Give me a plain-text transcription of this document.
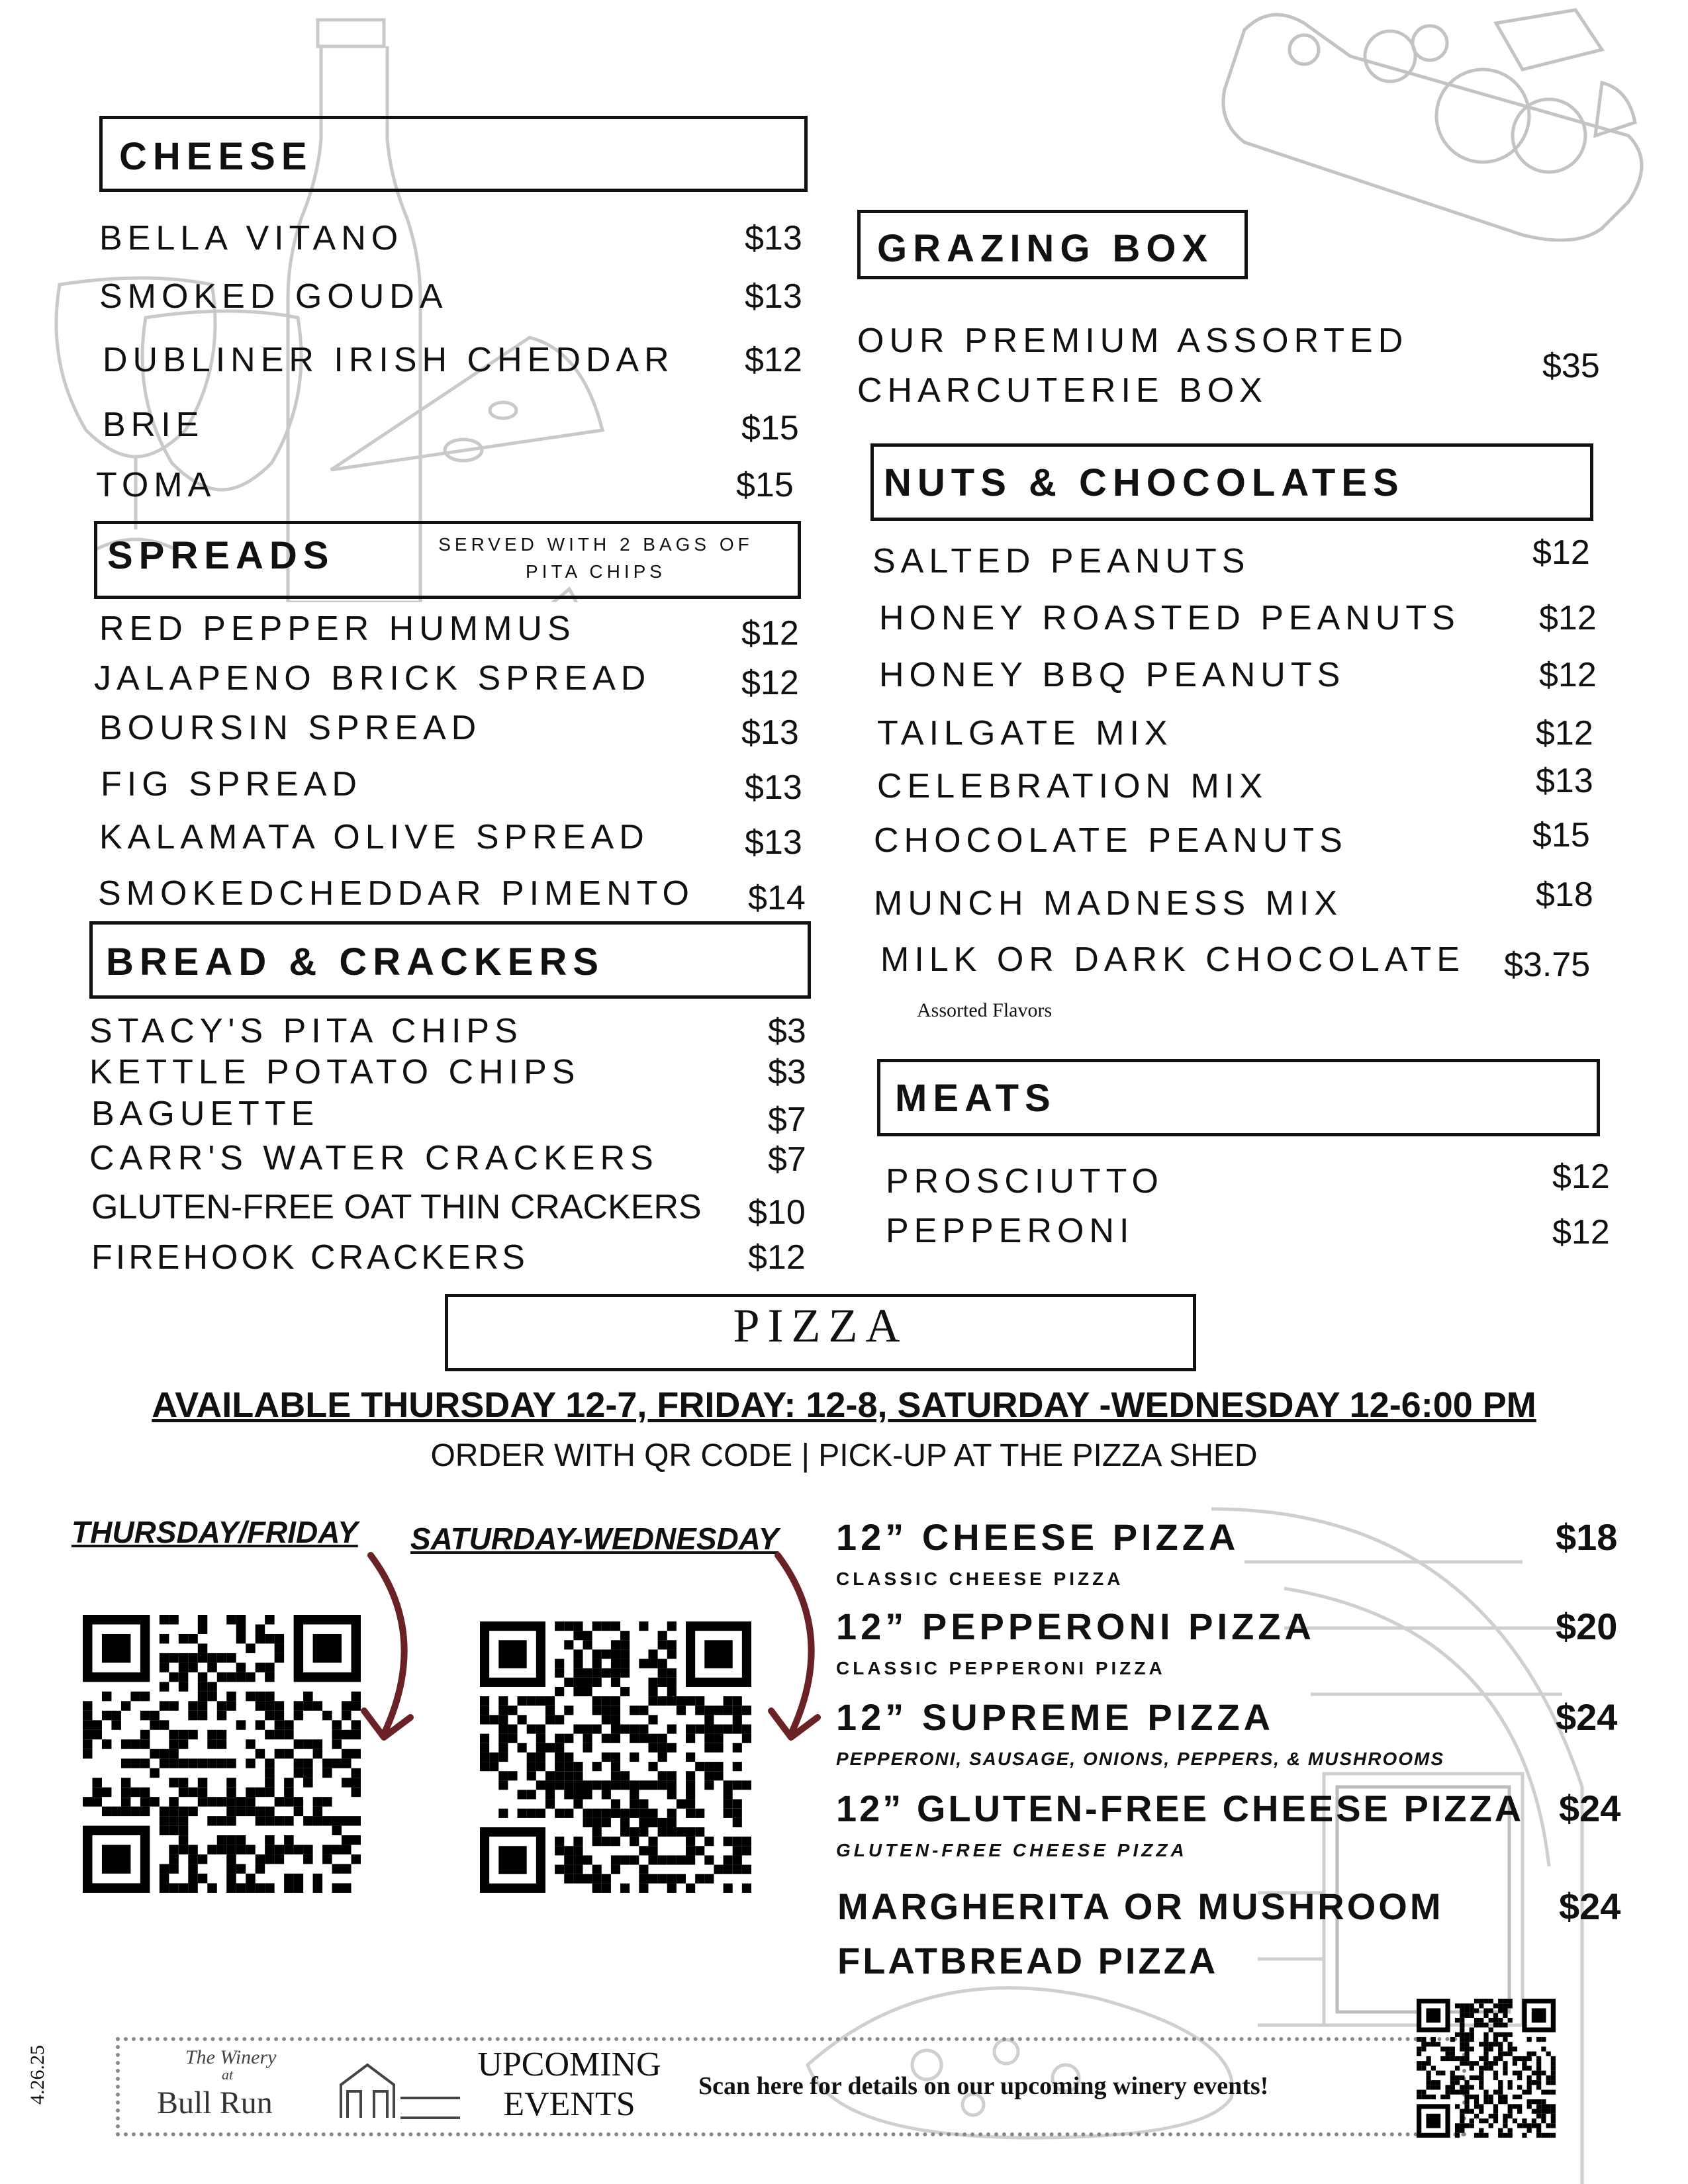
CHEESE
BELLA VITANO	$13
SMOKED GOUDA	$13
DUBLINER IRISH CHEDDAR $12
BRIE	$15
TOMA	$15
SPREADS	SERVED WITH 2 BAGS OF
PITA CHIPS
RED PEPPER HUMMUS	$12
JALAPENO BRICK SPREAD	$12
BOURSIN SPREAD	$13
FIG SPREAD	$13
KALAMATA OLIVE SPREAD	$13
SMOKEDCHEDDAR PIMENTO $14
BREAD & CRACKERS
STACY'S PITA CHIPS	$3
KETTLE POTATO CHIPS	$3
BAGUETTE	$7
CARR'S WATER CRACKERS	$7
GLUTEN-FREE OAT THIN CRACKERS $10
FIREHOOK CRACKERS	$12
GRAZING BOX
OUR PREMIUM ASSORTED
CHARCUTERIE BOX
$35
NUTS & CHOCOLATES
SALTED PEANUTS	$12
HONEY ROASTED PEANUTS $12
HONEY BBQ PEANUTS	$12
TAILGATE MIX	$12
CELEBRATION MIX	$13
CHOCOLATE PEANUTS	$15
MUNCH MADNESS MIX	$18
MILK OR DARK CHOCOLATE $3.75
Assorted Flavors
MEATS
PROSCIUTTO	$12
PEPPERONI	$12
PIZZA
AVAILABLE THURSDAY 12-7, FRIDAY: 12-8, SATURDAY -WEDNESDAY 12-6:00 PM
ORDER WITH QR CODE | PICK-UP AT THE PIZZA SHED
THURSDAY/FRIDAY SATURDAY-WEDNESDAY 12” CHEESE PIZZA
CLASSIC CHEESE PIZZA
$18
12” PEPPERONI PIZZA
CLASSIC PEPPERONI PIZZA
$20
12” SUPREME PIZZA
PEPPERONI, SAUSAGE, ONIONS, PEPPERS, & MUSHROOMS
$24
12” GLUTEN-FREE CHEESE PIZZA
GLUTEN-FREE CHEESE PIZZA
$24
MARGHERITA OR MUSHROOM
FLATBREAD PIZZA
$24
4.26.25	The Winery
at
Bull Run
UPCOMING
EVENTS	Scan here for details on our upcoming winery events!
